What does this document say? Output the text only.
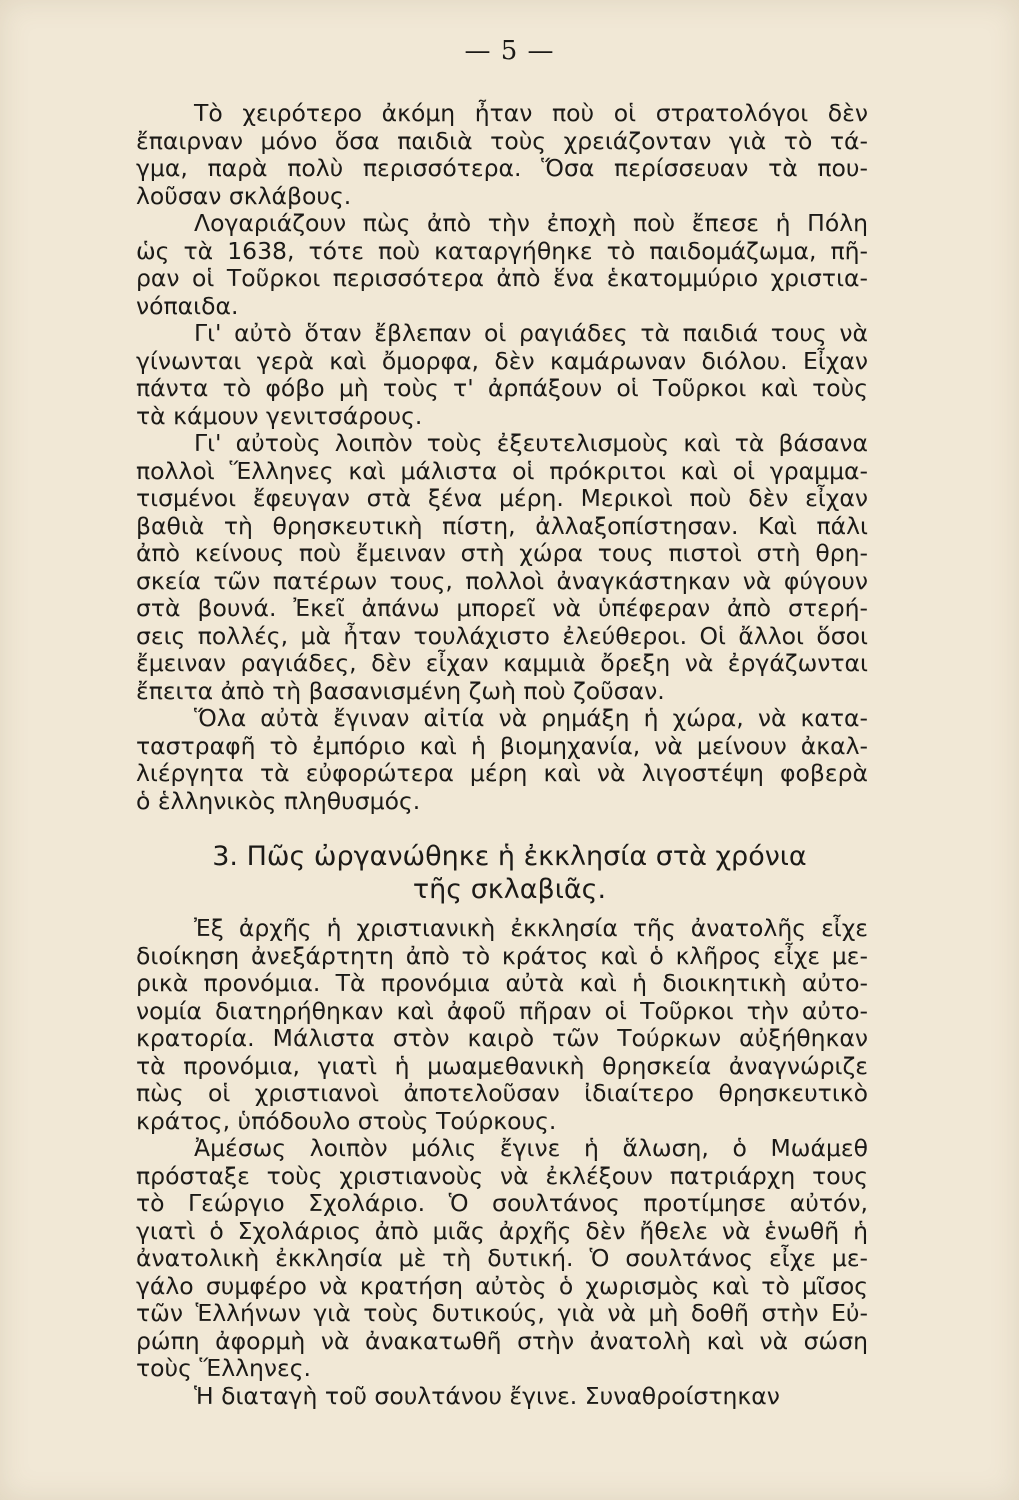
— 5 —
Τὸ χειρότερο ἀκόμη ἦταν ποὺ οἱ στρατολόγοι δὲν
ἔπαιρναν μόνο ὅσα παιδιὰ τοὺς χρειάζονταν γιὰ τὸ τά-
γμα, παρὰ πολὺ περισσότερα. Ὅσα περίσσευαν τὰ που-
λοῦσαν σκλάβους.
Λογαριάζουν πὼς ἀπὸ τὴν ἐποχὴ ποὺ ἔπεσε ἡ Πόλη
ὡς τὰ 1638, τότε ποὺ καταργήθηκε τὸ παιδομάζωμα, πῆ-
ραν οἱ Τοῦρκοι περισσότερα ἀπὸ ἕνα ἑκατομμύριο χριστια-
νόπαιδα.
Γι' αὐτὸ ὅταν ἔβλεπαν οἱ ραγιάδες τὰ παιδιά τους νὰ
γίνωνται γερὰ καὶ ὄμορφα, δὲν καμάρωναν διόλου. Εἶχαν
πάντα τὸ φόβο μὴ τοὺς τ' ἀρπάξουν οἱ Τοῦρκοι καὶ τοὺς
τὰ κάμουν γενιτσάρους.
Γι' αὐτοὺς λοιπὸν τοὺς ἐξευτελισμοὺς καὶ τὰ βάσανα
πολλοὶ Ἕλληνες καὶ μάλιστα οἱ πρόκριτοι καὶ οἱ γραμμα-
τισμένοι ἔφευγαν στὰ ξένα μέρη. Μερικοὶ ποὺ δὲν εἶχαν
βαθιὰ τὴ θρησκευτικὴ πίστη, ἀλλαξοπίστησαν. Καὶ πάλι
ἀπὸ κείνους ποὺ ἔμειναν στὴ χώρα τους πιστοὶ στὴ θρη-
σκεία τῶν πατέρων τους, πολλοὶ ἀναγκάστηκαν νὰ φύγουν
στὰ βουνά. Ἐκεῖ ἀπάνω μπορεῖ νὰ ὑπέφεραν ἀπὸ στερή-
σεις πολλές, μὰ ἦταν τουλάχιστο ἐλεύθεροι. Οἱ ἄλλοι ὅσοι
ἔμειναν ραγιάδες, δὲν εἶχαν καμμιὰ ὄρεξη νὰ ἐργάζωνται
ἔπειτα ἀπὸ τὴ βασανισμένη ζωὴ ποὺ ζοῦσαν.
Ὅλα αὐτὰ ἔγιναν αἰτία νὰ ρημάξη ἡ χώρα, νὰ κατα-
ταστραφῆ τὸ ἐμπόριο καὶ ἡ βιομηχανία, νὰ μείνουν ἀκαλ-
λιέργητα τὰ εὐφορώτερα μέρη καὶ νὰ λιγοστέψη φοβερὰ
ὁ ἑλληνικὸς πληθυσμός.
3. Πῶς ὠργανώθηκε ἡ ἐκκλησία στὰ χρόνια
τῆς σκλαβιᾶς.
Ἐξ ἀρχῆς ἡ χριστιανικὴ ἐκκλησία τῆς ἀνατολῆς εἶχε
διοίκηση ἀνεξάρτητη ἀπὸ τὸ κράτος καὶ ὁ κλῆρος εἶχε με-
ρικὰ προνόμια. Τὰ προνόμια αὐτὰ καὶ ἡ διοικητικὴ αὐτο-
νομία διατηρήθηκαν καὶ ἀφοῦ πῆραν οἱ Τοῦρκοι τὴν αὐτο-
κρατορία. Μάλιστα στὸν καιρὸ τῶν Τούρκων αὐξήθηκαν
τὰ προνόμια, γιατὶ ἡ μωαμεθανικὴ θρησκεία ἀναγνώριζε
πὼς οἱ χριστιανοὶ ἀποτελοῦσαν ἰδιαίτερο θρησκευτικὸ
κράτος, ὑπόδουλο στοὺς Τούρκους.
Ἀμέσως λοιπὸν μόλις ἔγινε ἡ ἅλωση, ὁ Μωάμεθ
πρόσταξε τοὺς χριστιανοὺς νὰ ἐκλέξουν πατριάρχη τους
τὸ Γεώργιο Σχολάριο. Ὁ σουλτάνος προτίμησε αὐτόν,
γιατὶ ὁ Σχολάριος ἀπὸ μιᾶς ἀρχῆς δὲν ἤθελε νὰ ἑνωθῆ ἡ
ἀνατολικὴ ἐκκλησία μὲ τὴ δυτική. Ὁ σουλτάνος εἶχε με-
γάλο συμφέρο νὰ κρατήση αὐτὸς ὁ χωρισμὸς καὶ τὸ μῖσος
τῶν Ἑλλήνων γιὰ τοὺς δυτικούς, γιὰ νὰ μὴ δοθῆ στὴν Εὐ-
ρώπη ἀφορμὴ νὰ ἀνακατωθῆ στὴν ἀνατολὴ καὶ νὰ σώση
τοὺς Ἕλληνες.
Ἡ διαταγὴ τοῦ σουλτάνου ἔγινε. Συναθροίστηκαν
